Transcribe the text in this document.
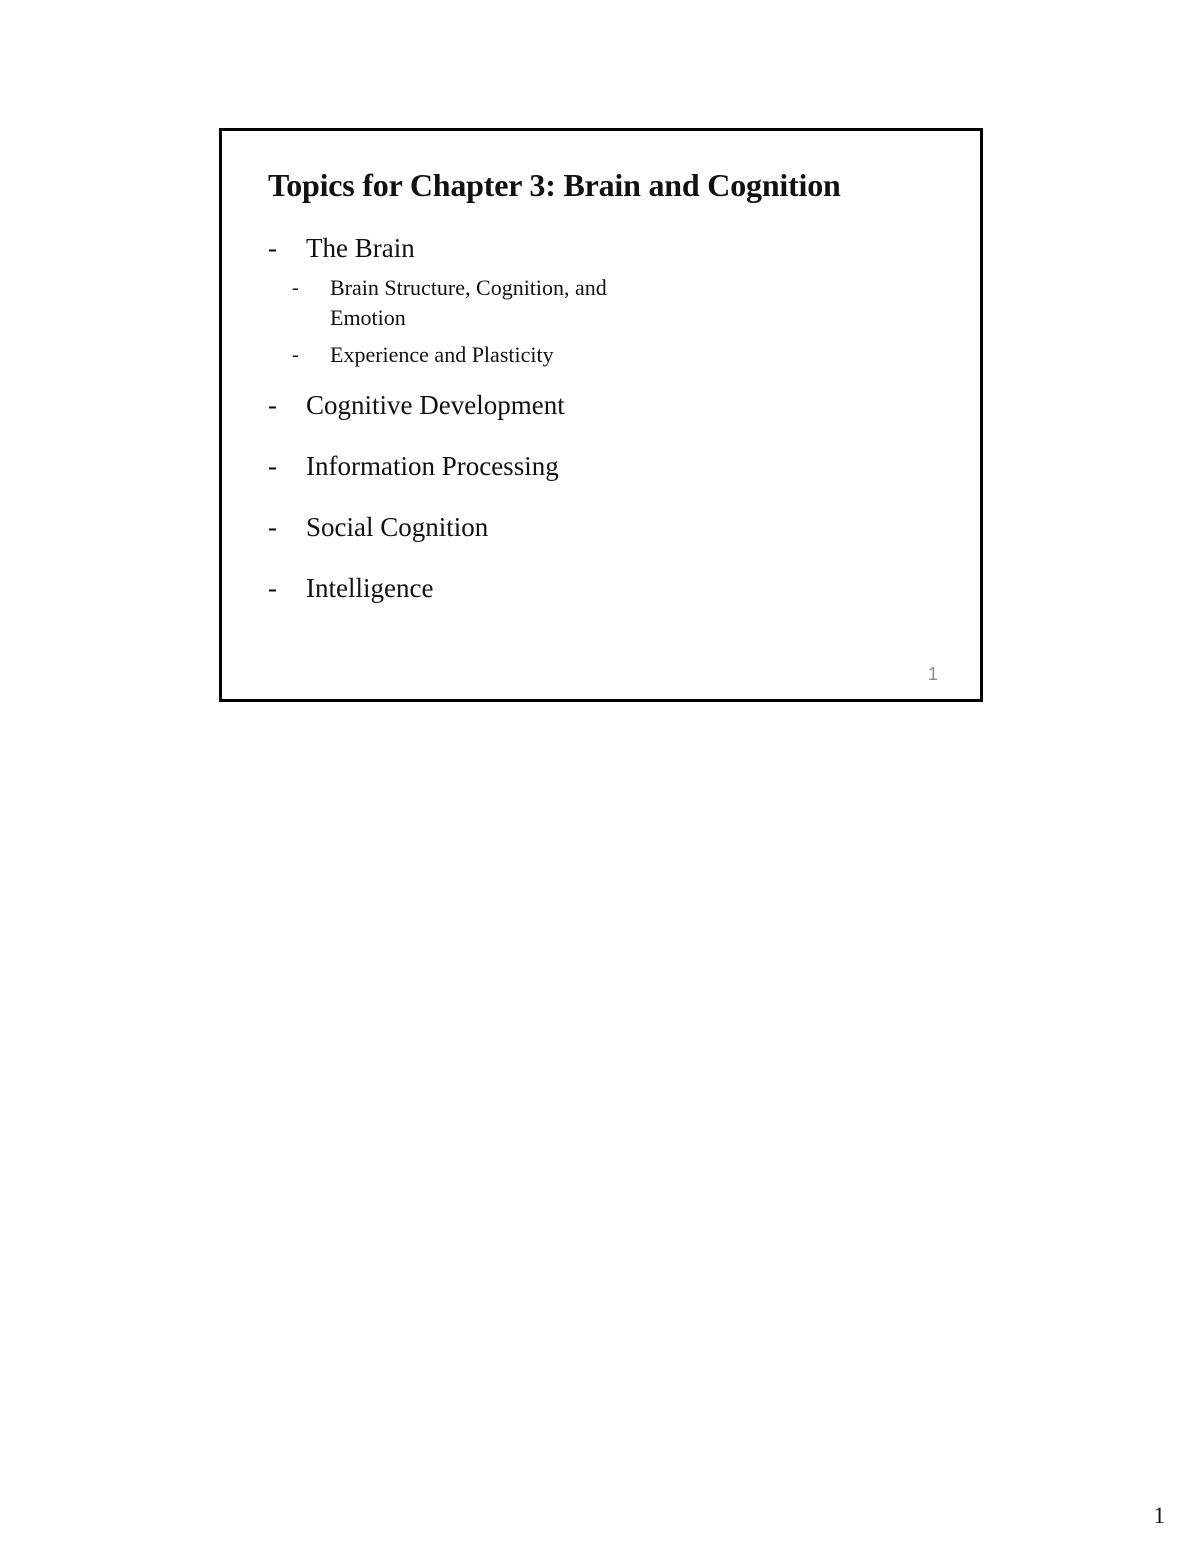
Topics for Chapter 3: Brain and Cognition
- The Brain
- Brain Structure, Cognition, and Emotion
- Experience and Plasticity
- Cognitive Development
- Information Processing
- Social Cognition
- Intelligence
1
1
